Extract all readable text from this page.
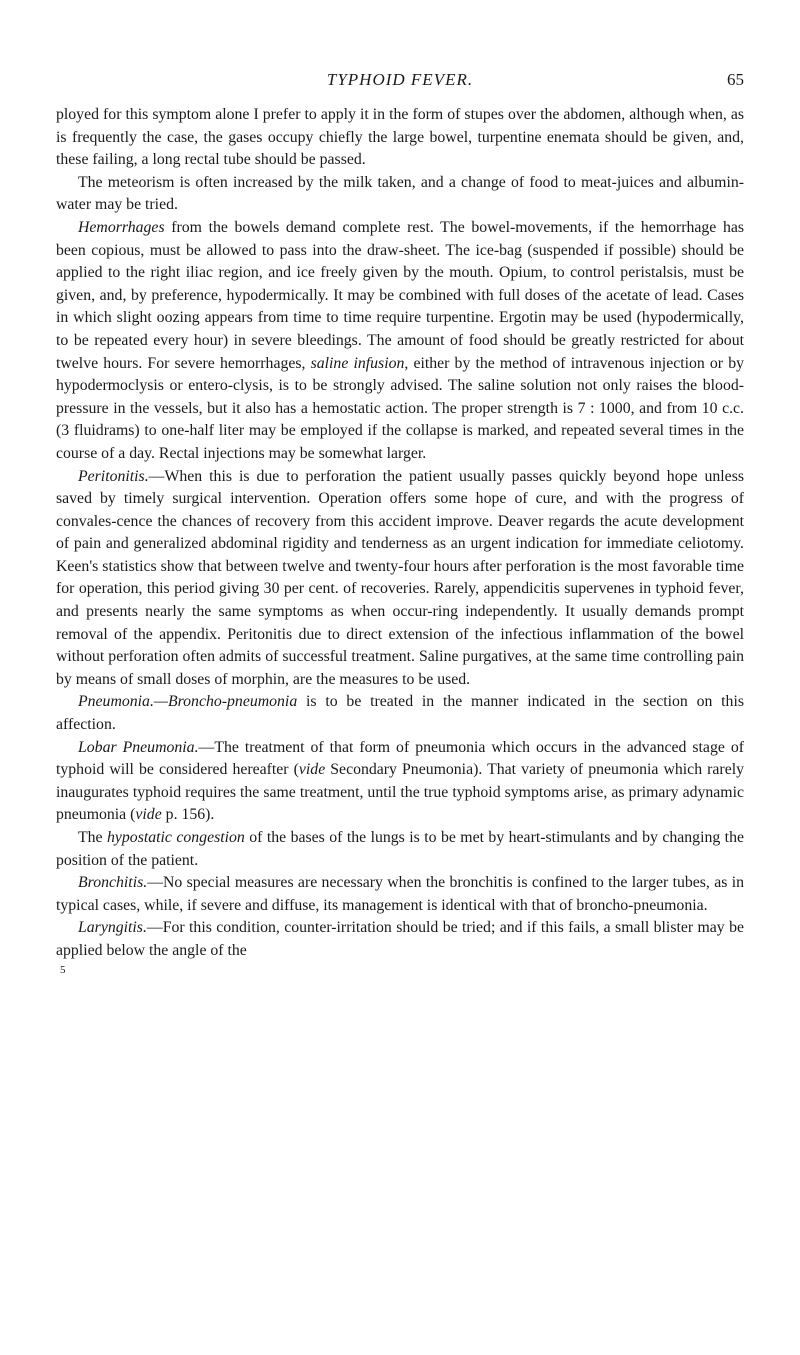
TYPHOID FEVER.	65

ployed for this symptom alone I prefer to apply it in the form of stupes over the abdomen, although when, as is frequently the case, the gases occupy chiefly the large bowel, turpentine enemata should be given, and, these failing, a long rectal tube should be passed.

The meteorism is often increased by the milk taken, and a change of food to meat-juices and albumin-water may be tried.

Hemorrhages from the bowels demand complete rest. The bowel-movements, if the hemorrhage has been copious, must be allowed to pass into the draw-sheet. The ice-bag (suspended if possible) should be applied to the right iliac region, and ice freely given by the mouth. Opium, to control peristalsis, must be given, and, by preference, hypodermically. It may be combined with full doses of the acetate of lead. Cases in which slight oozing appears from time to time require turpentine. Ergotin may be used (hypodermically, to be repeated every hour) in severe bleedings. The amount of food should be greatly restricted for about twelve hours. For severe hemorrhages, saline infusion, either by the method of intravenous injection or by hypodermoclysis or entero-clysis, is to be strongly advised. The saline solution not only raises the blood-pressure in the vessels, but it also has a hemostatic action. The proper strength is 7 : 1000, and from 10 c.c. (3 fluidrams) to one-half liter may be employed if the collapse is marked, and repeated several times in the course of a day. Rectal injections may be somewhat larger.

Peritonitis.—When this is due to perforation the patient usually passes quickly beyond hope unless saved by timely surgical intervention. Operation offers some hope of cure, and with the progress of convales-cence the chances of recovery from this accident improve. Deaver regards the acute development of pain and generalized abdominal rigidity and tenderness as an urgent indication for immediate celiotomy. Keen's statistics show that between twelve and twenty-four hours after perforation is the most favorable time for operation, this period giving 30 per cent. of recoveries. Rarely, appendicitis supervenes in typhoid fever, and presents nearly the same symptoms as when occur-ring independently. It usually demands prompt removal of the appendix. Peritonitis due to direct extension of the infectious inflammation of the bowel without perforation often admits of successful treatment. Saline purgatives, at the same time controlling pain by means of small doses of morphin, are the measures to be used.

Pneumonia.—Broncho-pneumonia is to be treated in the manner indicated in the section on this affection.

Lobar Pneumonia.—The treatment of that form of pneumonia which occurs in the advanced stage of typhoid will be considered hereafter (vide Secondary Pneumonia). That variety of pneumonia which rarely inaugurates typhoid requires the same treatment, until the true typhoid symptoms arise, as primary adynamic pneumonia (vide p. 156).

The hypostatic congestion of the bases of the lungs is to be met by heart-stimulants and by changing the position of the patient.

Bronchitis.—No special measures are necessary when the bronchitis is confined to the larger tubes, as in typical cases, while, if severe and diffuse, its management is identical with that of broncho-pneumonia.

Laryngitis.—For this condition, counter-irritation should be tried; and if this fails, a small blister may be applied below the angle of the

5
